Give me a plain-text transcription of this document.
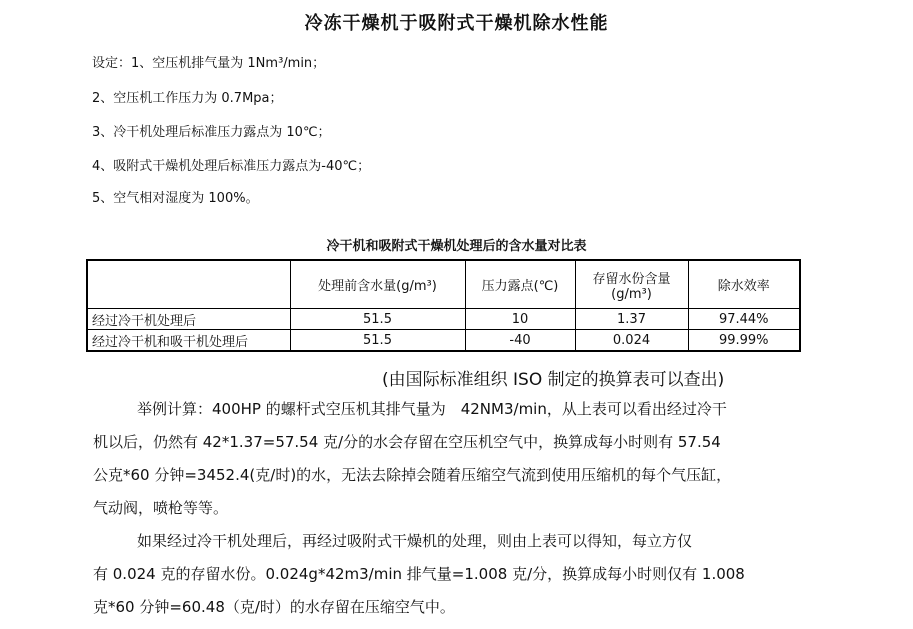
冷冻干燥机于吸附式干燥机除水性能
设定：1、空压机排气量为 1Nm³/min；
2、空压机工作压力为 0.7Mpa；
3、冷干机处理后标准压力露点为 10℃；
4、吸附式干燥机处理后标准压力露点为-40℃；
5、空气相对湿度为 100%。
冷干机和吸附式干燥机处理后的含水量对比表
	处理前含水量(g/m³)	压力露点(℃)	存留水份含量(g/m³)	除水效率
经过冷干机处理后	51.5	10	1.37	97.44%
经过冷干机和吸干机处理后	51.5	-40	0.024	99.99%
(由国际标准组织 ISO 制定的换算表可以查出)
举例计算：400HP 的螺杆式空压机其排气量为　42NM3/min，从上表可以看出经过冷干
机以后，仍然有 42*1.37=57.54 克/分的水会存留在空压机空气中，换算成每小时则有 57.54
公克*60 分钟=3452.4(克/时)的水，无法去除掉会随着压缩空气流到使用压缩机的每个气压缸，
气动阀，喷枪等等。
如果经过冷干机处理后，再经过吸附式干燥机的处理，则由上表可以得知，每立方仅
有 0.024 克的存留水份。0.024g*42m3/min 排气量=1.008 克/分，换算成每小时则仅有 1.008
克*60 分钟=60.48（克/时）的水存留在压缩空气中。
